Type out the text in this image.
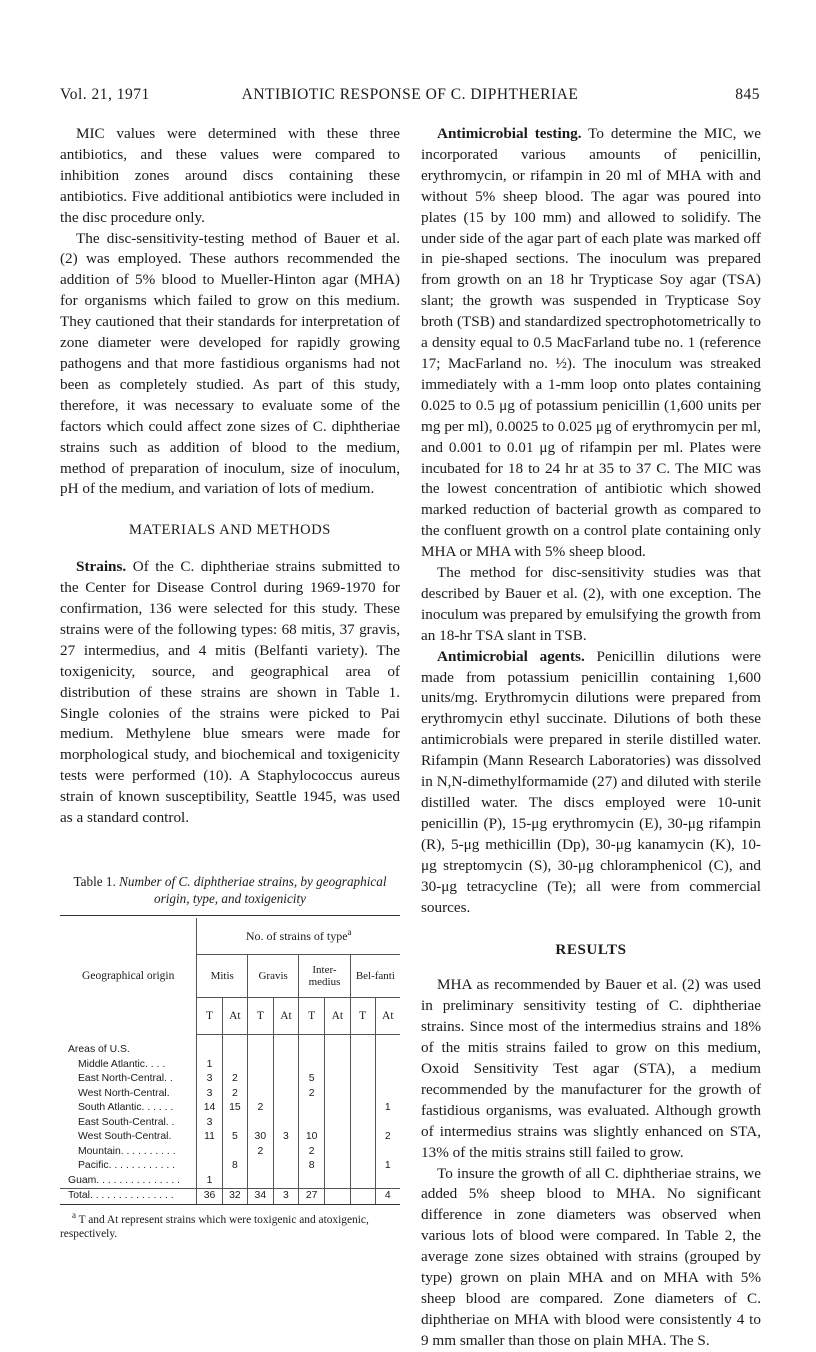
Vol. 21, 1971	ANTIBIOTIC RESPONSE OF C. DIPHTHERIAE	845

MIC values were determined with these three antibiotics, and these values were compared to inhibition zones around discs containing these antibiotics. Five additional antibiotics were included in the disc procedure only.

The disc-sensitivity-testing method of Bauer et al. (2) was employed. These authors recommended the addition of 5% blood to Mueller-Hinton agar (MHA) for organisms which failed to grow on this medium. They cautioned that their standards for interpretation of zone diameter were developed for rapidly growing pathogens and that more fastidious organisms had not been as completely studied. As part of this study, therefore, it was necessary to evaluate some of the factors which could affect zone sizes of C. diphtheriae strains such as addition of blood to the medium, method of preparation of inoculum, size of inoculum, pH of the medium, and variation of lots of medium.

MATERIALS AND METHODS

Strains. Of the C. diphtheriae strains submitted to the Center for Disease Control during 1969-1970 for confirmation, 136 were selected for this study. These strains were of the following types: 68 mitis, 37 gravis, 27 intermedius, and 4 mitis (Belfanti variety). The toxigenicity, source, and geographical area of distribution of these strains are shown in Table 1. Single colonies of the strains were picked to Pai medium. Methylene blue smears were made for morphological study, and biochemical and toxigenicity tests were performed (10). A Staphylococcus aureus strain of known susceptibility, Seattle 1945, was used as a standard control.

Table 1. Number of C. diphtheriae strains, by geographical origin, type, and toxigenicity

Geographical origin	No. of strains of type$^a$
	Mitis		Gravis		Inter-medius		Bel-fanti	
	T	At	T	At	T	At	T	At

Areas of U.S.								
Middle Atlantic. . . .	1							
East North-Central. .	3	2			5			
West North-Central.	3	2			2			
South Atlantic. . . . . .	14	15	2					1
East South-Central. .	3							
West South-Central.	11	5	30	3	10			2
Mountain. . . . . . . . . .			2		2			
Pacific. . . . . . . . . . . .		8			8			1
Guam. . . . . . . . . . . . . . .	1							
Total. . . . . . . . . . . . . . .	36	32	34	3	27			4
$^a$ T and At represent strains which were toxigenic and atoxigenic, respectively.

Antimicrobial testing. To determine the MIC, we incorporated various amounts of penicillin, erythromycin, or rifampin in 20 ml of MHA with and without 5% sheep blood. The agar was poured into plates (15 by 100 mm) and allowed to solidify. The under side of the agar part of each plate was marked off in pie-shaped sections. The inoculum was prepared from growth on an 18 hr Trypticase Soy agar (TSA) slant; the growth was suspended in Trypticase Soy broth (TSB) and standardized spectrophotometrically to a density equal to 0.5 MacFarland tube no. 1 (reference 17; MacFarland no. ½). The inoculum was streaked immediately with a 1-mm loop onto plates containing 0.025 to 0.5 μg of potassium penicillin (1,600 units per mg per ml), 0.0025 to 0.025 μg of erythromycin per ml, and 0.001 to 0.01 μg of rifampin per ml. Plates were incubated for 18 to 24 hr at 35 to 37 C. The MIC was the lowest concentration of antibiotic which showed marked reduction of bacterial growth as compared to the confluent growth on a control plate containing only MHA or MHA with 5% sheep blood.

The method for disc-sensitivity studies was that described by Bauer et al. (2), with one exception. The inoculum was prepared by emulsifying the growth from an 18-hr TSA slant in TSB.

Antimicrobial agents. Penicillin dilutions were made from potassium penicillin containing 1,600 units/mg. Erythromycin dilutions were prepared from erythromycin ethyl succinate. Dilutions of both these antimicrobials were prepared in sterile distilled water. Rifampin (Mann Research Laboratories) was dissolved in N,N-dimethylformamide (27) and diluted with sterile distilled water. The discs employed were 10-unit penicillin (P), 15-μg erythromycin (E), 30-μg rifampin (R), 5-μg methicillin (Dp), 30-μg kanamycin (K), 10-μg streptomycin (S), 30-μg chloramphenicol (C), and 30-μg tetracycline (Te); all were from commercial sources.

RESULTS

MHA as recommended by Bauer et al. (2) was used in preliminary sensitivity testing of C. diphtheriae strains. Since most of the intermedius strains and 18% of the mitis strains failed to grow on this medium, Oxoid Sensitivity Test agar (STA), a medium recommended by the manufacturer for the growth of fastidious organisms, was evaluated. Although growth of intermedius strains was slightly enhanced on STA, 13% of the mitis strains still failed to grow.

To insure the growth of all C. diphtheriae strains, we added 5% sheep blood to MHA. No significant difference in zone diameters was observed when various lots of blood were compared. In Table 2, the average zone sizes obtained with strains (grouped by type) grown on plain MHA and on MHA with 5% sheep blood are compared. Zone diameters of C. diphtheriae on MHA with blood were consistently 4 to 9 mm smaller than those on plain MHA. The S.
